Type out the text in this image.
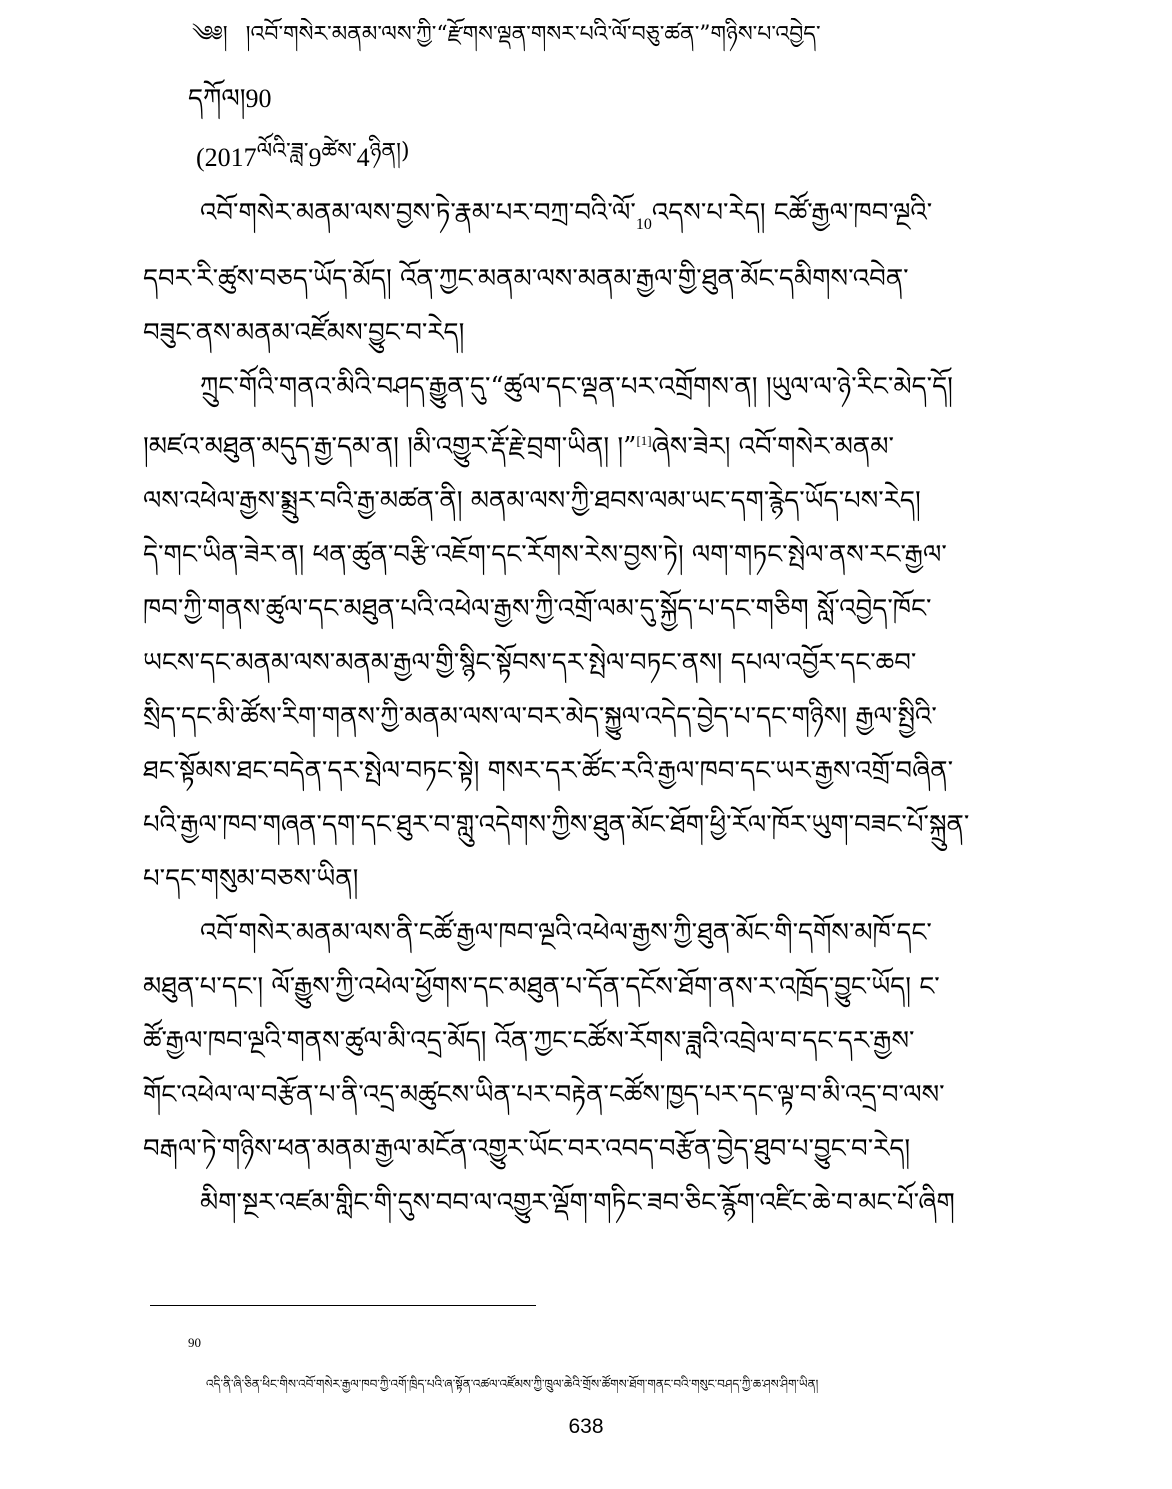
༄༅། །འབོ་གསེར་མནམ་ལས་ཀྱི་“རྫོགས་ལྡན་གསར་པའི་ལོ་བཅུ་ཚན་”གཉིས་པ་འབྱེད་
དཀོལ།90
($2017^{ལོའི་ཟླ་}9^{ཚེས་}4^{ཉིན།)}$

$འབོ་གསེར་མནམ་ལས་བྱས་ཏེ་རྣམ་པར་བཀྲ་བའི་ལོ་_{10}འདས་པ་རེད།$ ངཚོ་རྒྱལ་ཁབ་ལྔའི་
དབར་རི་ཚུས་བཅད་ཡོད་མོད། འོན་ཀྱང་མནམ་ལས་མནམ་རྒྱལ་གྱི་ཐུན་མོང་དམིགས་འབེན་
བཟུང་ནས་མནམ་འཛོམས་བྱུང་བ་རེད།

ཀྲུང་གོའི་གནའ་མིའི་བཤད་རྒྱུན་དུ་“ཚུལ་དང་ལྡན་པར་འགྲོགས་ན། །ཡུལ་ལ་ཉེ་རིང་མེད་དོ།
།མཛའ་མཐུན་མདུད་རྒྱ་དམ་ན། །མི་འགྱུར་རྡོ་རྗེ་བྲག་ཡིན། །”[1]ཞེས་ཟེར། འབོ་གསེར་མནམ་
ལས་འཕེལ་རྒྱས་སྨྲུར་བའི་རྒྱ་མཚན་ནི། མནམ་ལས་ཀྱི་ཐབས་ལམ་ཡང་དག་རྙེད་ཡོད་པས་རེད།
དེ་གང་ཡིན་ཟེར་ན། ཕན་ཚུན་བརྩི་འཇོག་དང་རོགས་རེས་བྱས་ཏེ། ལག་གཏང་སྤེལ་ནས་རང་རྒྱལ་
ཁབ་ཀྱི་གནས་ཚུལ་དང་མཐུན་པའི་འཕེལ་རྒྱས་ཀྱི་འགྲོ་ལམ་དུ་སྐྱོད་པ་དང་གཅིག སློ་འབྱེད་ཁོང་
ཡངས་དང་མནམ་ལས་མནམ་རྒྱལ་གྱི་སྙིང་སྟོབས་དར་སྤེལ་བཏང་ནས། དཔལ་འབྱོར་དང་ཆབ་
སྲིད་དང་མི་ཚོས་རིག་གནས་ཀྱི་མནམ་ལས་ལ་བར་མེད་སྐྱུལ་འདེད་བྱེད་པ་དང་གཉིས། རྒྱལ་སྤྱིའི་
ཐང་སྟོམས་ཐང་བདེན་དར་སྤེལ་བཏང་སྟེ། གསར་དར་ཚོང་རའི་རྒྱལ་ཁབ་དང་ཡར་རྒྱས་འགྲོ་བཞིན་
པའི་རྒྱལ་ཁབ་གཞན་དག་དང་ཐུར་བ་གླུ་འདེགས་ཀྱིས་ཐུན་མོང་ཐོག་ཕྱི་རོལ་ཁོར་ཡུག་བཟང་པོ་སྐྲུན་
པ་དང་གསུམ་བཅས་ཡིན།

འབོ་གསེར་མནམ་ལས་ནི་ངཚོ་རྒྱལ་ཁབ་ལྔའི་འཕེལ་རྒྱས་ཀྱི་ཐུན་མོང་གི་དགོས་མཁོ་དང་
མཐུན་པ་དང་། ལོ་རྒྱུས་ཀྱི་འཕེལ་ཕྱོགས་དང་མཐུན་པ་དོན་དངོས་ཐོག་ནས་ར་འཁྲོད་བྱུང་ཡོད། ང་
ཚོ་རྒྱལ་ཁབ་ལྔའི་གནས་ཚུལ་མི་འདྲ་མོད། འོན་ཀྱང་ངཚོས་རོགས་ཟླའི་འབྲེལ་བ་དང་དར་རྒྱས་
གོང་འཕེལ་ལ་བརྩོན་པ་ནི་འདྲ་མཚུངས་ཡིན་པར་བརྟེན་ངཚོས་ཁྱད་པར་དང་ལྟ་བ་མི་འདྲ་བ་ལས་
བརྒལ་ཏེ་གཉིས་ཕན་མནམ་རྒྱལ་མངོན་འགྱུར་ཡོང་བར་འབད་བརྩོན་བྱེད་ཐུབ་པ་བྱུང་བ་རེད།

མིག་སྔར་འཛམ་གླིང་གི་དུས་བབ་ལ་འགྱུར་ལྡོག་གཏིང་ཟབ་ཅིང་རྙོག་འཛིང་ཆེ་བ་མང་པོ་ཞིག

90
འདི་ནི་ཞི་ཅིན་ཕིང་གིས་འབོ་གསེར་རྒྱལ་ཁབ་ཀྱི་འགོ་ཁྲིད་པའི་ཞ་སྟོན་འཚལ་འཛོམས་ཀྱི་ཁྲུལ་ཆེའི་གྲོས་ཚོགས་ཐོག་གནང་བའི་གསུང་བཤད་ཀྱི་ཆ་ཤས་ཤིག་ཡིན།
638
